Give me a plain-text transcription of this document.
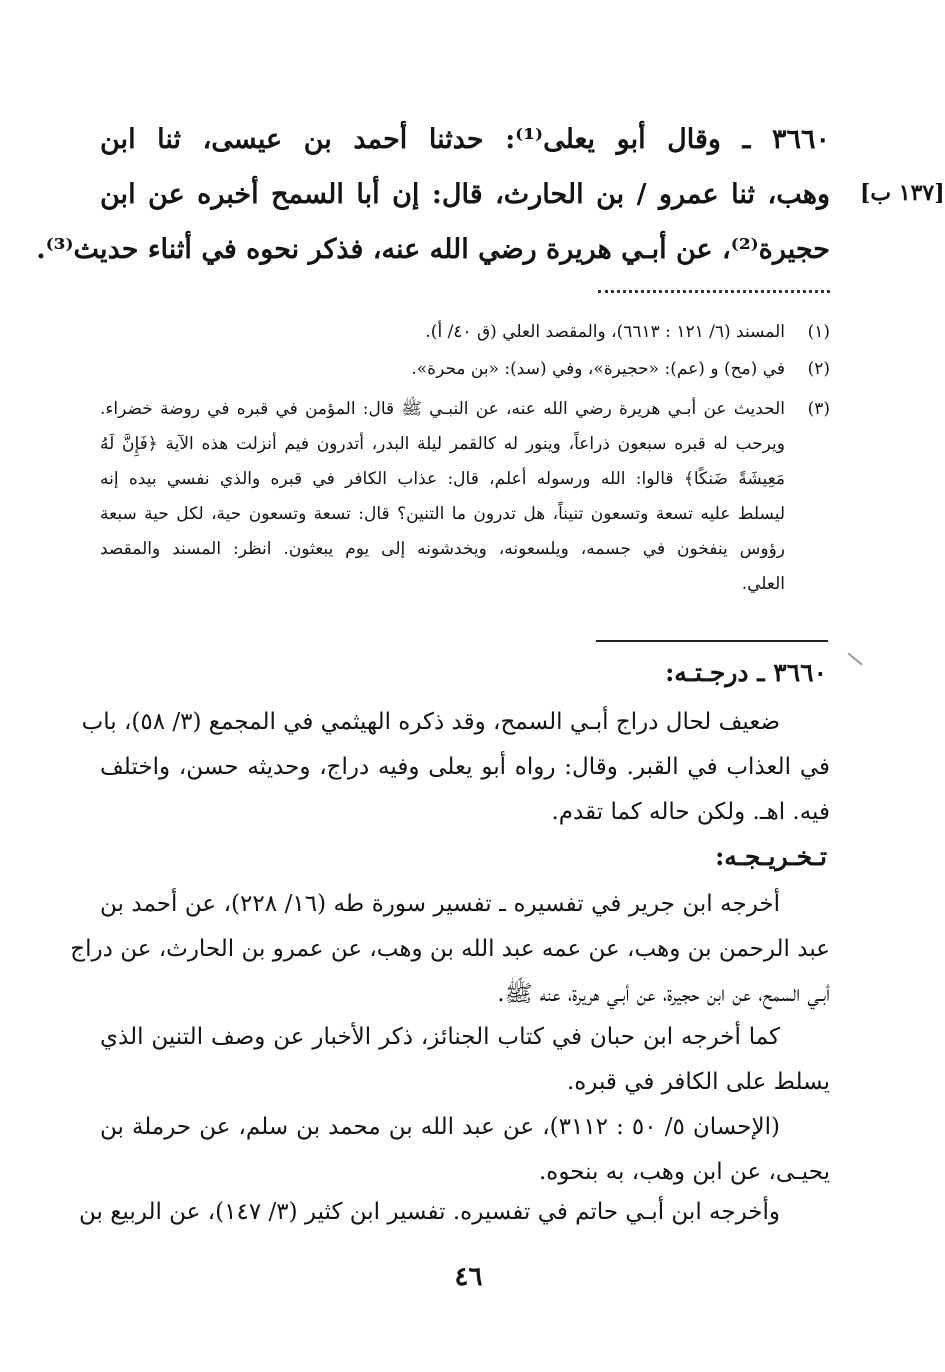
٣٦٦٠ ـ وقال أبو يعلى⁽¹⁾: حدثنا أحمد بن عيسى، ثنا ابن
وهب، ثنا عمرو / بن الحارث، قال: إن أبا السمح أخبره عن ابن
حجيرة⁽²⁾، عن أبـي هريرة رضي الله عنه، فذكر نحوه في أثناء حديث⁽³⁾.
[١٣٧ ب]
(١)
المسند (٦/ ١٢١ : ٦٦١٣)، والمقصد العلي (ق ٤٠/ أ).
(٢)
في (مح) و (عم): «حجيرة»، وفي (سد): «بن محرة».
(٣)
الحديث عن أبـي هريرة رضي الله عنه، عن النبـي ﷺ قال: المؤمن في قبره في روضة خضراء.
ويرحب له قبره سبعون ذراعاً، وينور له كالقمر ليلة البدر، أتدرون فيم أنزلت هذه الآية ﴿فَإِنَّ لَهُ
مَعِيشَةً ضَنكًا﴾ قالوا: الله ورسوله أعلم، قال: عذاب الكافر في قبره والذي نفسي بيده إنه
ليسلط عليه تسعة وتسعون تنيناً، هل تدرون ما التنين؟ قال: تسعة وتسعون حية، لكل حية سبعة
رؤوس ينفخون في جسمه، ويلسعونه، ويخدشونه إلى يوم يبعثون. انظر: المسند والمقصد
العلي.
٣٦٦٠ ـ درجـتـه:
ضعيف لحال دراج أبـي السمح، وقد ذكره الهيثمي في المجمع (٣/ ٥٨)، باب
في العذاب في القبر. وقال: رواه أبو يعلى وفيه دراج، وحديثه حسن، واختلف
فيه. اهـ. ولكن حاله كما تقدم.
تـخـريـجـه:
أخرجه ابن جرير في تفسيره ـ تفسير سورة طه (١٦/ ٢٢٨)، عن أحمد بن
عبد الرحمن بن وهب، عن عمه عبد الله بن وهب، عن عمرو بن الحارث، عن دراج
أبـي السمح، عن ابن حجيرة، عن أبـي هريرة، عنه ﷺ.
كما أخرجه ابن حبان في كتاب الجنائز، ذكر الأخبار عن وصف التنين الذي
يسلط على الكافر في قبره.
(الإحسان ٥/ ٥٠ : ٣١١٢)، عن عبد الله بن محمد بن سلم، عن حرملة بن
يحيـى، عن ابن وهب، به بنحوه.
وأخرجه ابن أبـي حاتم في تفسيره. تفسير ابن كثير (٣/ ١٤٧)، عن الربيع بن
٤٦
